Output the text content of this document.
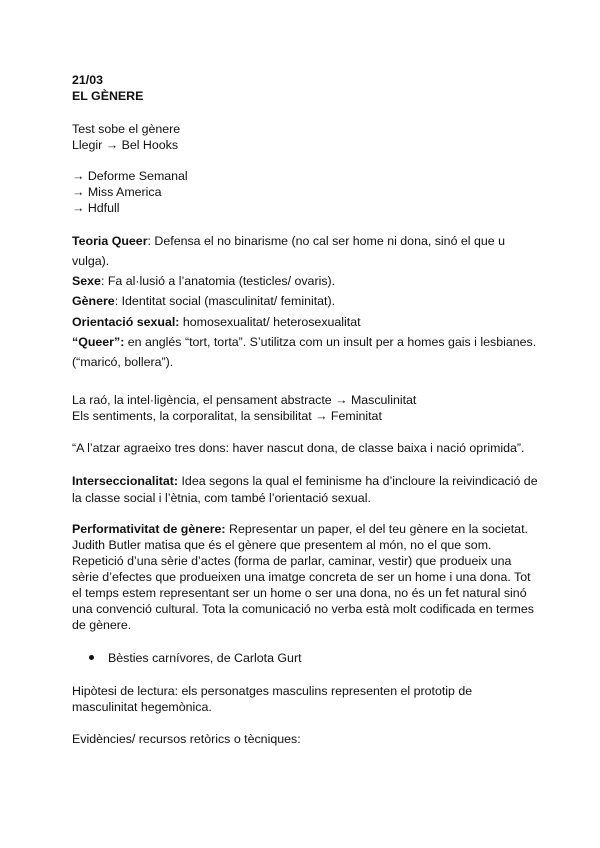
21/03
EL GÈNERE
Test sobe el gènere
Llegir → Bel Hooks
→ Deforme Semanal
→ Miss America
→ Hdfull
Teoria Queer: Defensa el no binarisme (no cal ser home ni dona, sinó el que u
vulga).
Sexe: Fa al·lusió a l’anatomia (testicles/ ovaris).
Gènere: Identitat social (masculinitat/ feminitat).
Orientació sexual: homosexualitat/ heterosexualitat
“Queer”: en anglés “tort, torta”. S’utilitza com un insult per a homes gais i lesbianes.
(“maricó, bollera”).
La raó, la intel·ligència, el pensament abstracte → Masculinitat
Els sentiments, la corporalitat, la sensibilitat → Feminitat
“A l’atzar agraeixo tres dons: haver nascut dona, de classe baixa i nació oprimida”.
Interseccionalitat: Idea segons la qual el feminisme ha d’incloure la reivindicació de
la classe social i l’ètnia, com també l’orientació sexual.
Performativitat de gènere: Representar un paper, el del teu gènere en la societat.
Judith Butler matisa que és el gènere que presentem al món, no el que som.
Repetició d’una sèrie d’actes (forma de parlar, caminar, vestir) que produeix una
sèrie d’efectes que produeixen una imatge concreta de ser un home i una dona. Tot
el temps estem representant ser un home o ser una dona, no és un fet natural sinó
una convenció cultural. Tota la comunicació no verba està molt codificada en termes
de gènere.
Bèsties carnívores, de Carlota Gurt
Hipòtesi de lectura: els personatges masculins representen el prototip de
masculinitat hegemònica.
Evidències/ recursos retòrics o tècniques:
